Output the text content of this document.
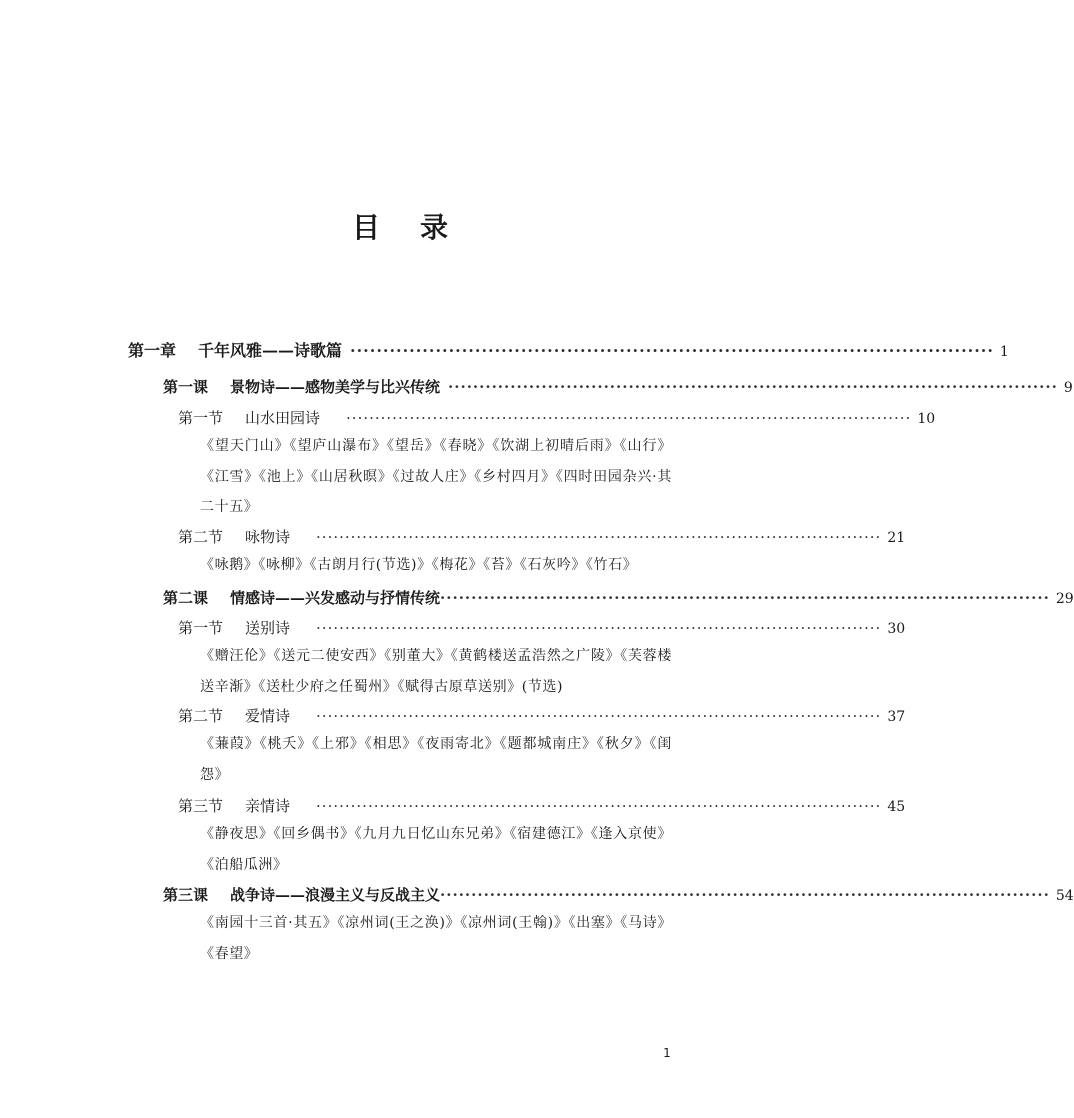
目录
第一章 千年风雅——诗歌篇 ·································································································· 1
第一课 景物诗——感物美学与比兴传统 ·································································································· 9
第一节 山水田园诗 ·································································································· 10
《望天门山》《望庐山瀑布》《望岳》《春晓》《饮湖上初晴后雨》《山行》《江雪》《池上》《山居秋暝》《过故人庄》《乡村四月》《四时田园杂兴·其二十五》
第二节 咏物诗 ·································································································· 21
《咏鹅》《咏柳》《古朗月行(节选)》《梅花》《苔》《石灰吟》《竹石》
第二课 情感诗——兴发感动与抒情传统 ·································································································· 29
第一节 送别诗 ·································································································· 30
《赠汪伦》《送元二使安西》《别董大》《黄鹤楼送孟浩然之广陵》《芙蓉楼送辛渐》《送杜少府之任蜀州》《赋得古原草送别》(节选)
第二节 爱情诗 ·································································································· 37
《蒹葭》《桃夭》《上邪》《相思》《夜雨寄北》《题都城南庄》《秋夕》《闺怨》
第三节 亲情诗 ·································································································· 45
《静夜思》《回乡偶书》《九月九日忆山东兄弟》《宿建德江》《逢入京使》《泊船瓜洲》
第三课 战争诗——浪漫主义与反战主义 ·································································································· 54
《南园十三首·其五》《凉州词(王之涣)》《凉州词(王翰)》《出塞》《马诗》《春望》
1
